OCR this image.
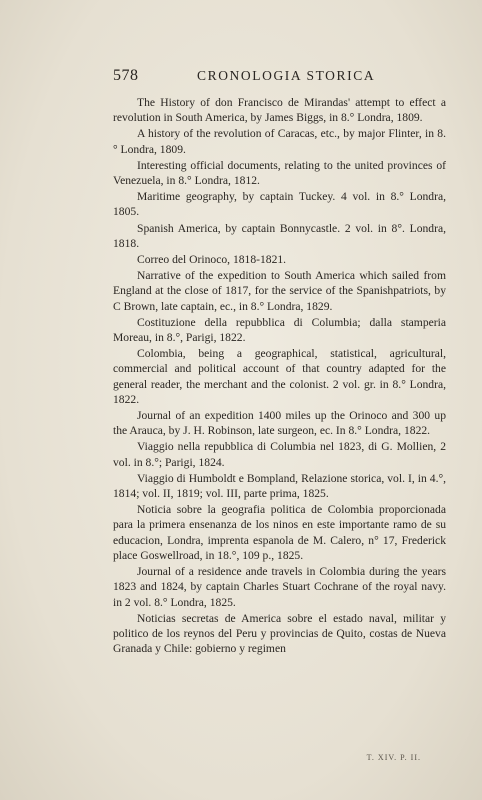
578	CRONOLOGIA STORICA

The History of don Francisco de Mirandas' attempt to effect a revolution in South America, by James Biggs, in 8.° Londra, 1809.

A history of the revolution of Caracas, etc., by major Flinter, in 8.° Londra, 1809.

Interesting official documents, relating to the united provinces of Venezuela, in 8.° Londra, 1812.

Maritime geography, by captain Tuckey. 4 vol. in 8.° Londra, 1805.

Spanish America, by captain Bonnycastle. 2 vol. in 8°. Londra, 1818.

Correo del Orinoco, 1818-1821.

Narrative of the expedition to South America which sailed from England at the close of 1817, for the service of the Spanishpatriots, by C Brown, late captain, ec., in 8.° Londra, 1829.

Costituzione della repubblica di Columbia; dalla stamperia Moreau, in 8.°, Parigi, 1822.

Colombia, being a geographical, statistical, agricultural, commercial and political account of that country adapted for the general reader, the merchant and the colonist. 2 vol. gr. in 8.° Londra, 1822.

Journal of an expedition 1400 miles up the Orinoco and 300 up the Arauca, by J. H. Robinson, late surgeon, ec. In 8.° Londra, 1822.

Viaggio nella repubblica di Columbia nel 1823, di G. Mollien, 2 vol. in 8.°; Parigi, 1824.

Viaggio di Humboldt e Bompland, Relazione storica, vol. I, in 4.°, 1814; vol. II, 1819; vol. III, parte prima, 1825.

Noticia sobre la geografia politica de Colombia proporcionada para la primera ensenanza de los ninos en este importante ramo de su educacion, Londra, imprenta espanola de M. Calero, n° 17, Frederick place Goswellroad, in 18.°, 109 p., 1825.

Journal of a residence ande travels in Colombia during the years 1823 and 1824, by captain Charles Stuart Cochrane of the royal navy. in 2 vol. 8.° Londra, 1825.

Noticias secretas de America sobre el estado naval, militar y politico de los reynos del Peru y provincias de Quito, costas de Nueva Granada y Chile: gobierno y regimen

T. XIV. P. II.
